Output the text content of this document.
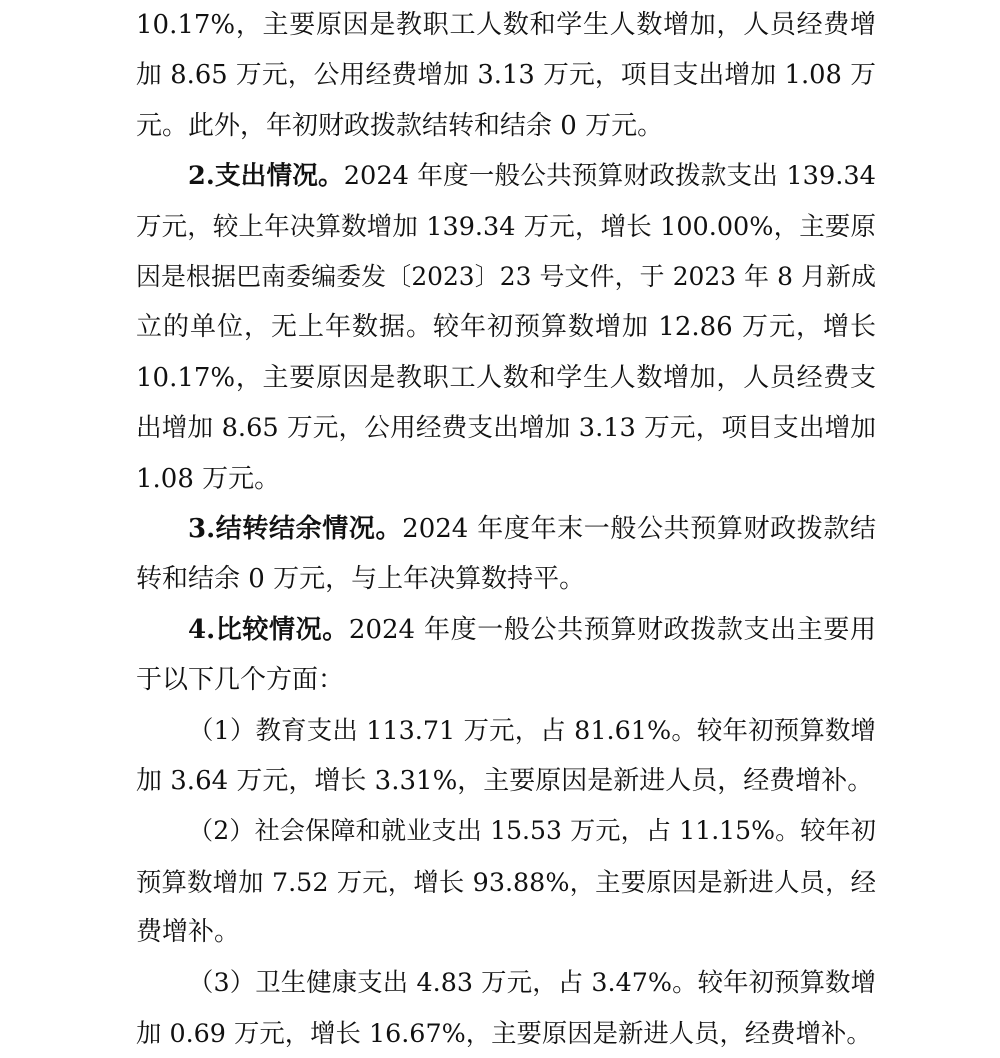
10.17%，主要原因是教职工人数和学生人数增加，人员经费增
加 8.65 万元，公用经费增加 3.13 万元，项目支出增加 1.08 万
元。此外，年初财政拨款结转和结余 0 万元。
2.支出情况。2024 年度一般公共预算财政拨款支出 139.34
万元，较上年决算数增加 139.34 万元，增长 100.00%，主要原
因是根据巴南委编委发〔2023〕23 号文件，于 2023 年 8 月新成
立的单位，无上年数据。较年初预算数增加 12.86 万元，增长
10.17%，主要原因是教职工人数和学生人数增加，人员经费支
出增加 8.65 万元，公用经费支出增加 3.13 万元，项目支出增加
1.08 万元。
3.结转结余情况。2024 年度年末一般公共预算财政拨款结
转和结余 0 万元，与上年决算数持平。
4.比较情况。2024 年度一般公共预算财政拨款支出主要用
于以下几个方面：
（1）教育支出 113.71 万元，占 81.61%。较年初预算数增
加 3.64 万元，增长 3.31%，主要原因是新进人员，经费增补。
（2）社会保障和就业支出 15.53 万元，占 11.15%。较年初
预算数增加 7.52 万元，增长 93.88%，主要原因是新进人员，经
费增补。
（3）卫生健康支出 4.83 万元，占 3.47%。较年初预算数增
加 0.69 万元，增长 16.67%，主要原因是新进人员，经费增补。
